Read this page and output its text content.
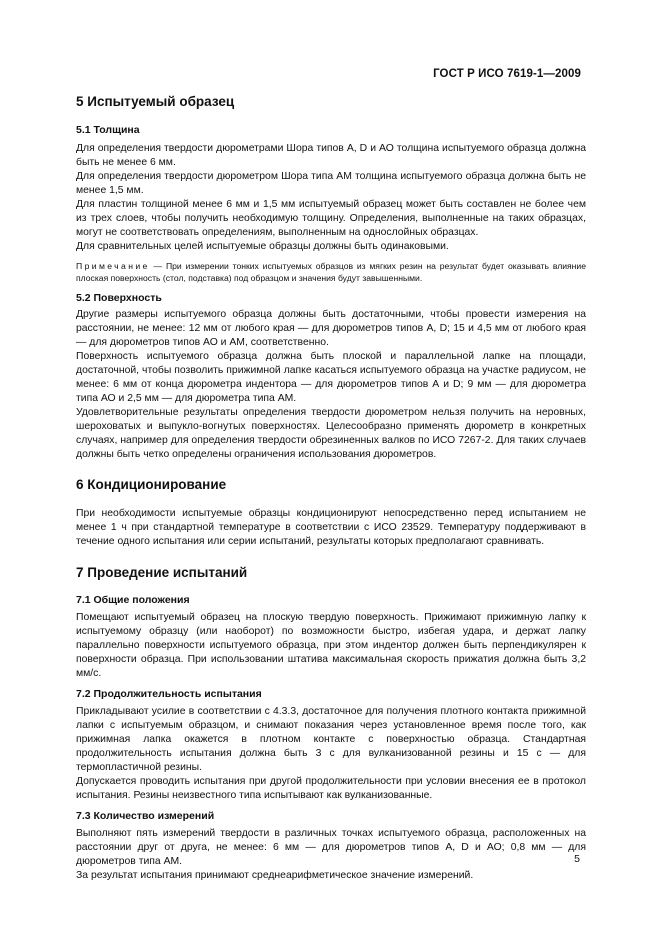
ГОСТ Р ИСО 7619-1—2009
5 Испытуемый образец
5.1 Толщина

Для определения твердости дюрометрами Шора типов А, D и АО толщина испытуемого образца должна быть не менее 6 мм.

Для определения твердости дюрометром Шора типа АМ толщина испытуемого образца должна быть не менее 1,5 мм.

Для пластин толщиной менее 6 мм и 1,5 мм испытуемый образец может быть составлен не более чем из трех слоев, чтобы получить необходимую толщину. Определения, выполненные на таких образцах, могут не соответствовать определениям, выполненным на однослойных образцах.

Для сравнительных целей испытуемые образцы должны быть одинаковыми.

Примечание — При измерении тонких испытуемых образцов из мягких резин на результат будет оказывать влияние плоская поверхность (стол, подставка) под образцом и значения будут завышенными.
5.2 Поверхность

Другие размеры испытуемого образца должны быть достаточными, чтобы провести измерения на расстоянии, не менее: 12 мм от любого края — для дюрометров типов А, D; 15 и 4,5 мм от любого края — для дюрометров типов АО и АМ, соответственно.

Поверхность испытуемого образца должна быть плоской и параллельной лапке на площади, достаточной, чтобы позволить прижимной лапке касаться испытуемого образца на участке радиусом, не менее: 6 мм от конца дюрометра индентора — для дюрометров типов А и D; 9 мм — для дюрометра типа АО и 2,5 мм — для дюрометра типа АМ.

Удовлетворительные результаты определения твердости дюрометром нельзя получить на неровных, шероховатых и выпукло-вогнутых поверхностях. Целесообразно применять дюрометр в конкретных случаях, например для определения твердости обрезиненных валков по ИСО 7267-2. Для таких случаев должны быть четко определены ограничения использования дюрометров.

6 Кондиционирование

При необходимости испытуемые образцы кондиционируют непосредственно перед испытанием не менее 1 ч при стандартной температуре в соответствии с ИСО 23529. Температуру поддерживают в течение одного испытания или серии испытаний, результаты которых предполагают сравнивать.

7 Проведение испытаний
7.1 Общие положения

Помещают испытуемый образец на плоскую твердую поверхность. Прижимают прижимную лапку к испытуемому образцу (или наоборот) по возможности быстро, избегая удара, и держат лапку параллельно поверхности испытуемого образца, при этом индентор должен быть перпендикулярен к поверхности образца. При использовании штатива максимальная скорость прижатия должна быть 3,2 мм/с.

7.2 Продолжительность испытания

Прикладывают усилие в соответствии с 4.3.3, достаточное для получения плотного контакта прижимной лапки с испытуемым образцом, и снимают показания через установленное время после того, как прижимная лапка окажется в плотном контакте с поверхностью образца. Стандартная продолжительность испытания должна быть 3 с для вулканизованной резины и 15 с — для термопластичной резины.

Допускается проводить испытания при другой продолжительности при условии внесения ее в протокол испытания. Резины неизвестного типа испытывают как вулканизованные.

7.3 Количество измерений

Выполняют пять измерений твердости в различных точках испытуемого образца, расположенных на расстоянии друг от друга, не менее: 6 мм — для дюрометров типов А, D и АО; 0,8 мм — для дюрометров типа АМ.

За результат испытания принимают среднеарифметическое значение измерений.

5
